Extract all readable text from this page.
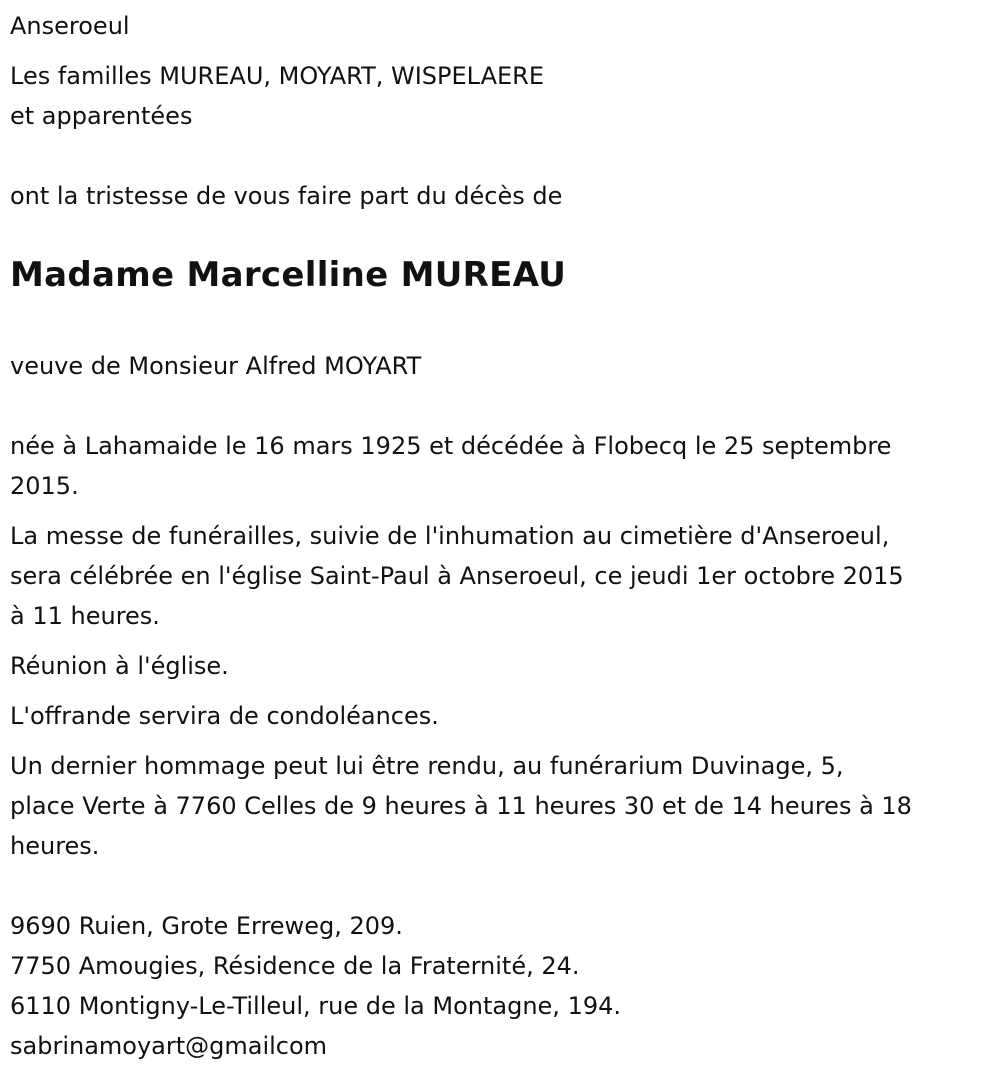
Anseroeul

Les familles MUREAU, MOYART, WISPELAERE

et apparentées

ont la tristesse de vous faire part du décès de

Madame Marcelline MUREAU

veuve de Monsieur Alfred MOYART

née à Lahamaide le 16 mars 1925 et décédée à Flobecq le 25 septembre

2015.

La messe de funérailles, suivie de l'inhumation au cimetière d'Anseroeul,

sera célébrée en l'église Saint-Paul à Anseroeul, ce jeudi 1er octobre 2015

à 11 heures.

Réunion à l'église.

L'offrande servira de condoléances.

Un dernier hommage peut lui être rendu, au funérarium Duvinage, 5,

place Verte à 7760 Celles de 9 heures à 11 heures 30 et de 14 heures à 18

heures.

9690 Ruien, Grote Erreweg, 209.

7750 Amougies, Résidence de la Fraternité, 24.

6110 Montigny-Le-Tilleul, rue de la Montagne, 194.

sabrinamoyart@gmailcom
